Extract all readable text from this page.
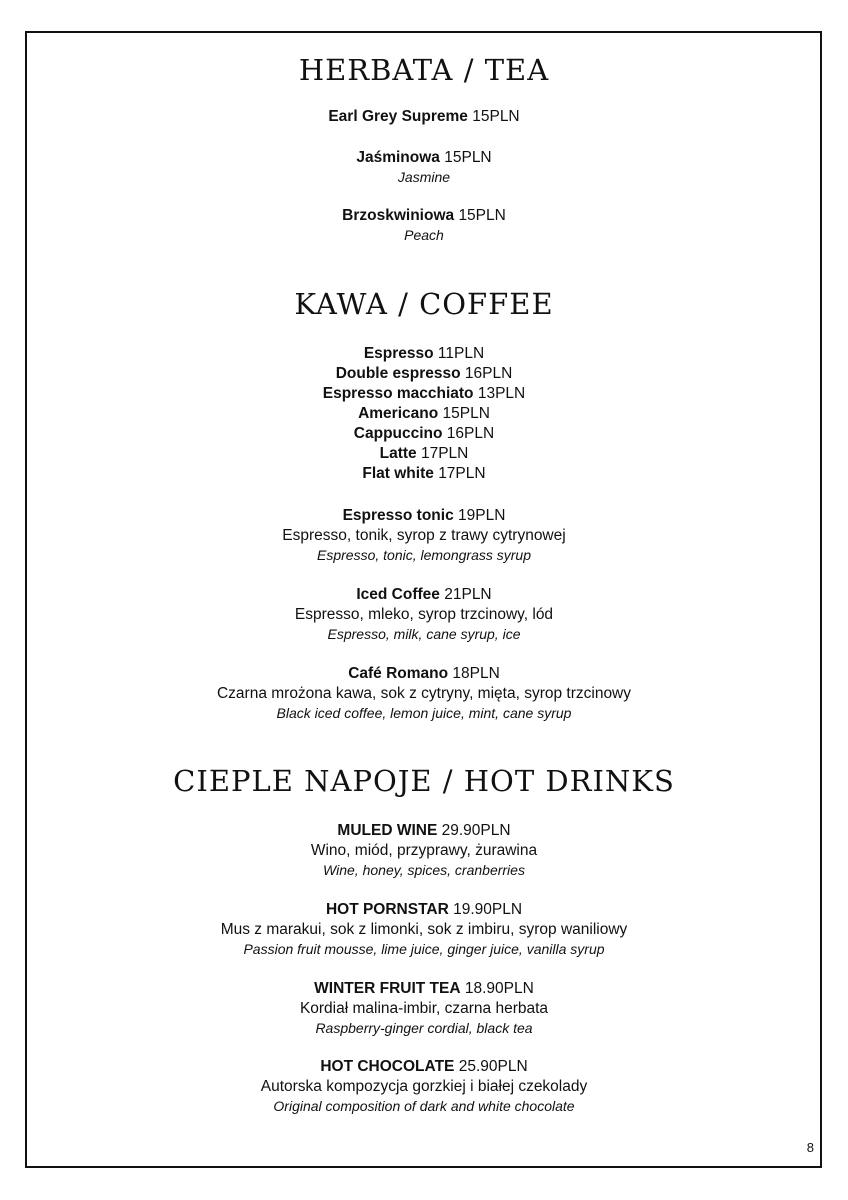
HERBATA / TEA
Earl Grey Supreme 15PLN
Jaśminowa 15PLN
Jasmine
Brzoskwiniowa 15PLN
Peach
KAWA / COFFEE
Espresso 11PLN
Double espresso 16PLN
Espresso macchiato 13PLN
Americano 15PLN
Cappuccino 16PLN
Latte 17PLN
Flat white 17PLN
Espresso tonic 19PLN
Espresso, tonik, syrop z trawy cytrynowej
Espresso, tonic, lemongrass syrup
Iced Coffee 21PLN
Espresso, mleko, syrop trzcinowy, lód
Espresso, milk, cane syrup, ice
Café Romano 18PLN
Czarna mrożona kawa, sok z cytryny, mięta, syrop trzcinowy
Black iced coffee, lemon juice, mint, cane syrup
CIEPLE NAPOJE / HOT DRINKS
MULED WINE 29.90PLN
Wino, miód, przyprawy, żurawina
Wine, honey, spices, cranberries
HOT PORNSTAR 19.90PLN
Mus z marakui, sok z limonki, sok z imbiru, syrop waniliowy
Passion fruit mousse, lime juice, ginger juice, vanilla syrup
WINTER FRUIT TEA 18.90PLN
Kordiał malina-imbir, czarna herbata
Raspberry-ginger cordial, black tea
HOT CHOCOLATE 25.90PLN
Autorska kompozycja gorzkiej i białej czekolady
Original composition of dark and white chocolate
8
